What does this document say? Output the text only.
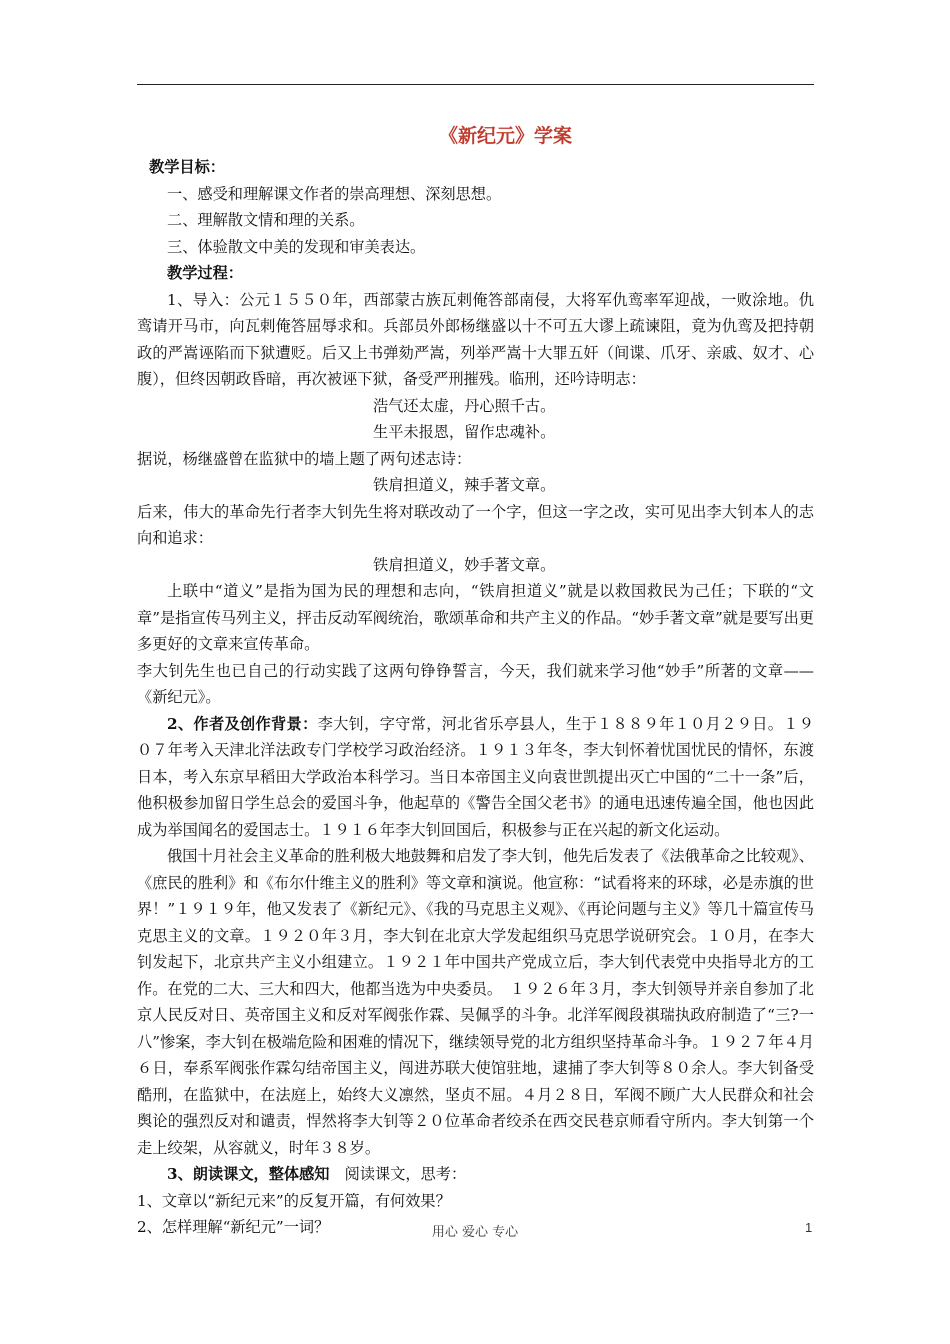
《新纪元》学案

教学目标：

一、感受和理解课文作者的崇高理想、深刻思想。

二、理解散文情和理的关系。

三、体验散文中美的发现和审美表达。

教学过程：

1、导入：公元１５５０年，西部蒙古族瓦剌俺答部南侵，大将军仇鸾率军迎战，一败涂地。仇鸾请开马市，向瓦剌俺答屈辱求和。兵部员外郎杨继盛以十不可五大谬上疏谏阻，竟为仇鸾及把持朝政的严嵩诬陷而下狱遭贬。后又上书弹劾严嵩，列举严嵩十大罪五奸（间谍、爪牙、亲戚、奴才、心腹），但终因朝政昏暗，再次被诬下狱，备受严刑摧残。临刑，还吟诗明志：

浩气还太虚，丹心照千古。

生平未报恩，留作忠魂补。

据说，杨继盛曾在监狱中的墙上题了两句述志诗：

铁肩担道义，辣手著文章。

后来，伟大的革命先行者李大钊先生将对联改动了一个字，但这一字之改，实可见出李大钊本人的志向和追求：

铁肩担道义，妙手著文章。

上联中“道义”是指为国为民的理想和志向，“铁肩担道义”就是以救国救民为己任；下联的“文章”是指宣传马列主义，抨击反动军阀统治，歌颂革命和共产主义的作品。“妙手著文章”就是要写出更多更好的文章来宣传革命。

李大钊先生也已自己的行动实践了这两句铮铮誓言，今天，我们就来学习他“妙手”所著的文章——《新纪元》。

2、作者及创作背景：李大钊，字守常，河北省乐亭县人，生于１８８９年１０月２９日。１９０７年考入天津北洋法政专门学校学习政治经济。１９１３年冬，李大钊怀着忧国忧民的情怀，东渡日本，考入东京早稻田大学政治本科学习。当日本帝国主义向袁世凯提出灭亡中国的“二十一条”后，他积极参加留日学生总会的爱国斗争，他起草的《警告全国父老书》的通电迅速传遍全国，他也因此成为举国闻名的爱国志士。１９１６年李大钊回国后，积极参与正在兴起的新文化运动。

俄国十月社会主义革命的胜利极大地鼓舞和启发了李大钊，他先后发表了《法俄革命之比较观》、《庶民的胜利》和《布尔什维主义的胜利》等文章和演说。他宣称：“试看将来的环球，必是赤旗的世界！”１９１９年，他又发表了《新纪元》、《我的马克思主义观》、《再论问题与主义》等几十篇宣传马克思主义的文章。１９２０年３月，李大钊在北京大学发起组织马克思学说研究会。１０月，在李大钊发起下，北京共产主义小组建立。１９２１年中国共产党成立后，李大钊代表党中央指导北方的工作。在党的二大、三大和四大，他都当选为中央委员。　１９２６年３月，李大钊领导并亲自参加了北京人民反对日、英帝国主义和反对军阀张作霖、吴佩孚的斗争。北洋军阀段祺瑞执政府制造了“三?一八”惨案，李大钊在极端危险和困难的情况下，继续领导党的北方组织坚持革命斗争。１９２７年４月６日，奉系军阀张作霖勾结帝国主义，闯进苏联大使馆驻地，逮捕了李大钊等８０余人。李大钊备受酷刑，在监狱中，在法庭上，始终大义凛然，坚贞不屈。４月２８日，军阀不顾广大人民群众和社会舆论的强烈反对和谴责，悍然将李大钊等２０位革命者绞杀在西交民巷京师看守所内。李大钊第一个走上绞架，从容就义，时年３８岁。

3、朗读课文，整体感知　阅读课文，思考：

1、文章以“新纪元来”的反复开篇，有何效果？

2、怎样理解“新纪元”一词？	用心 爱心 专心	1
